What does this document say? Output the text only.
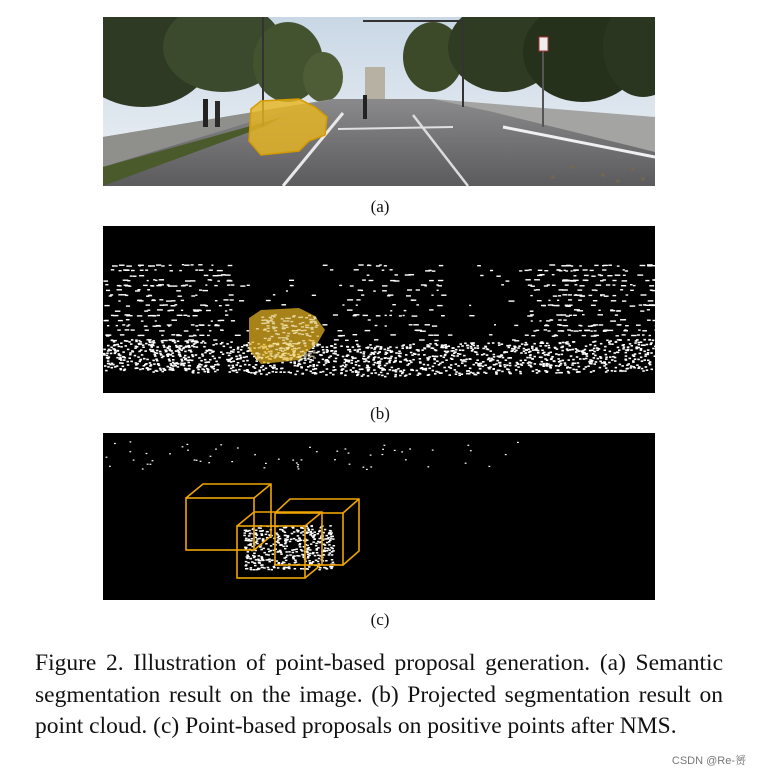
(a)
(b)
(c)
Figure 2. Illustration of point-based proposal generation. (a) Semantic segmentation result on the image. (b) Projected segmentation result on point cloud. (c) Point-based proposals on positive points after NMS.
CSDN @Re-赟
